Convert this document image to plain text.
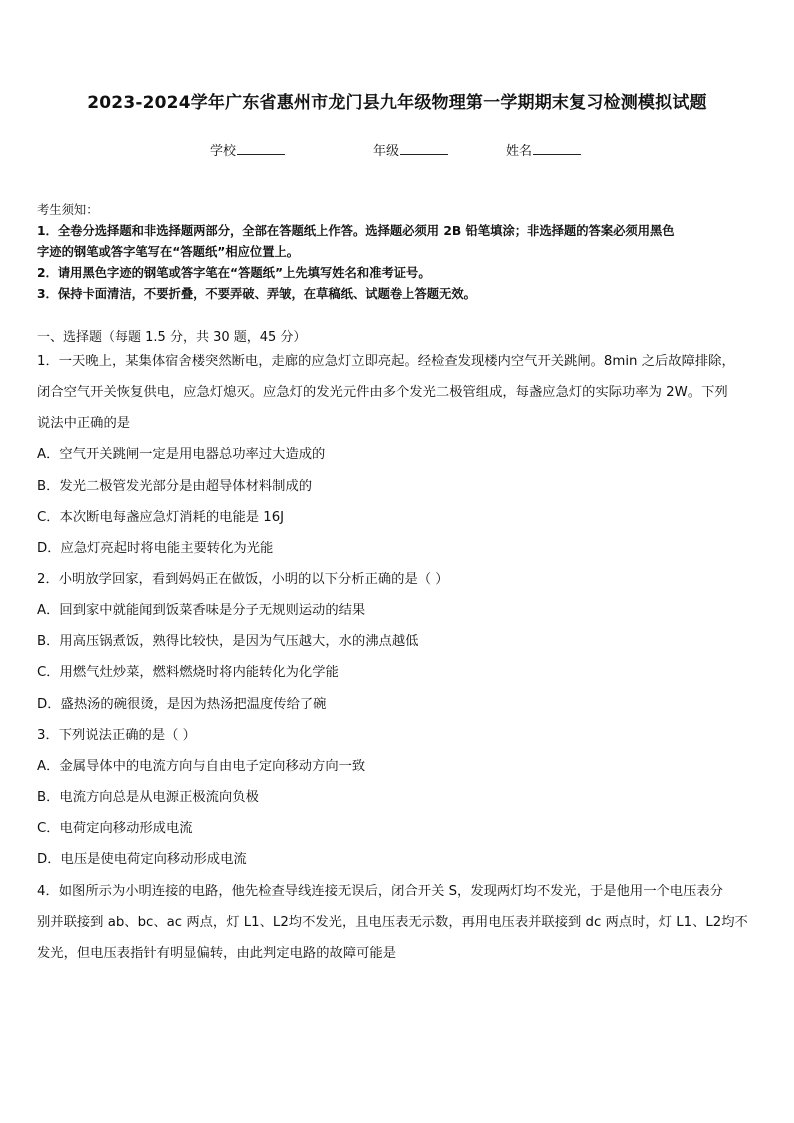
2023-2024学年广东省惠州市龙门县九年级物理第一学期期末复习检测模拟试题
学校	年级	姓名
考生须知：
1．全卷分选择题和非选择题两部分，全部在答题纸上作答。选择题必须用 2B 铅笔填涂；非选择题的答案必须用黑色
字迹的钢笔或答字笔写在“答题纸”相应位置上。
2．请用黑色字迹的钢笔或答字笔在“答题纸”上先填写姓名和准考证号。
3．保持卡面清洁，不要折叠，不要弄破、弄皱，在草稿纸、试题卷上答题无效。
一、选择题（每题 1.5 分，共 30 题，45 分）
1．一天晚上，某集体宿舍楼突然断电，走廊的应急灯立即亮起。经检查发现楼内空气开关跳闸。8min 之后故障排除，
闭合空气开关恢复供电，应急灯熄灭。应急灯的发光元件由多个发光二极管组成，每盏应急灯的实际功率为 2W。下列
说法中正确的是
A．空气开关跳闸一定是用电器总功率过大造成的
B．发光二极管发光部分是由超导体材料制成的
C．本次断电每盏应急灯消耗的电能是 16J
D．应急灯亮起时将电能主要转化为光能
2．小明放学回家，看到妈妈正在做饭，小明的以下分析正确的是（ ）
A．回到家中就能闻到饭菜香味是分子无规则运动的结果
B．用高压锅煮饭，熟得比较快，是因为气压越大，水的沸点越低
C．用燃气灶炒菜，燃料燃烧时将内能转化为化学能
D．盛热汤的碗很烫，是因为热汤把温度传给了碗
3．下列说法正确的是（ ）
A．金属导体中的电流方向与自由电子定向移动方向一致
B．电流方向总是从电源正极流向负极
C．电荷定向移动形成电流
D．电压是使电荷定向移动形成电流
4．如图所示为小明连接的电路，他先检查导线连接无误后，闭合开关 S，发现两灯均不发光，于是他用一个电压表分
别并联接到 ab、bc、ac 两点，灯 L1、L2均不发光，且电压表无示数，再用电压表并联接到 dc 两点时，灯 L1、L2均不
发光，但电压表指针有明显偏转，由此判定电路的故障可能是
